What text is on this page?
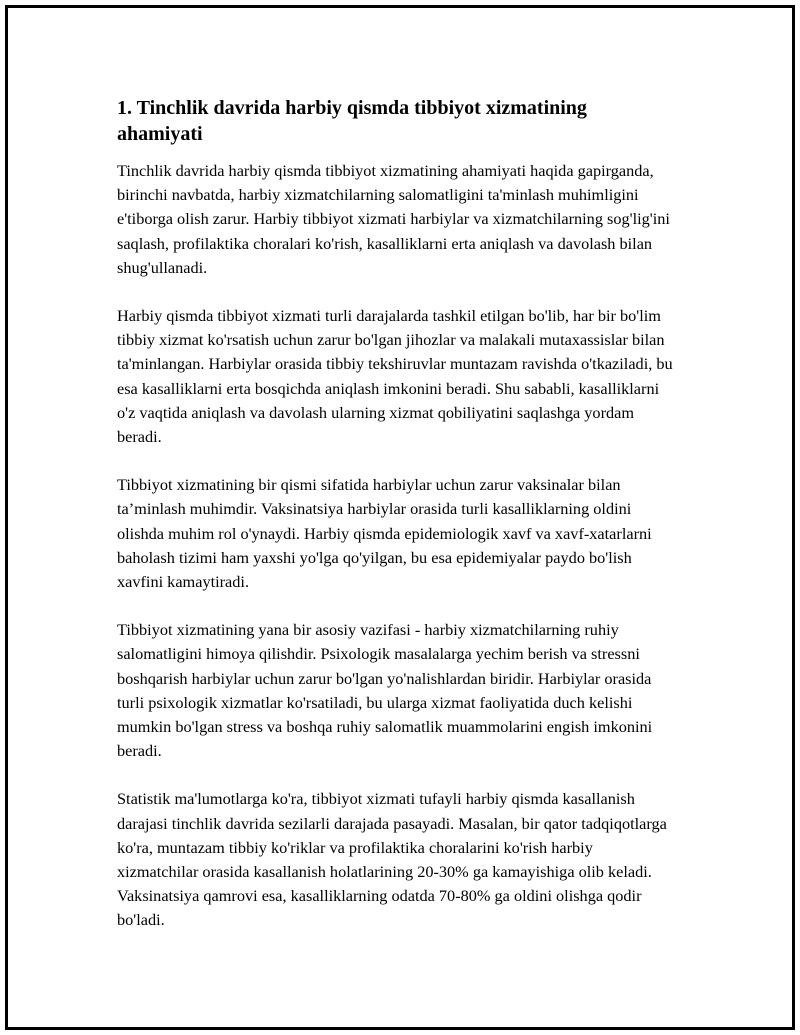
1. Tinchlik davrida harbiy qismda tibbiyot xizmatining ahamiyati

Tinchlik davrida harbiy qismda tibbiyot xizmatining ahamiyati haqida gapirganda, birinchi navbatda, harbiy xizmatchilarning salomatligini ta'minlash muhimligini e'tiborga olish zarur. Harbiy tibbiyot xizmati harbiylar va xizmatchilarning sog'lig'ini saqlash, profilaktika choralari ko'rish, kasalliklarni erta aniqlash va davolash bilan shug'ullanadi.

Harbiy qismda tibbiyot xizmati turli darajalarda tashkil etilgan bo'lib, har bir bo'lim tibbiy xizmat ko'rsatish uchun zarur bo'lgan jihozlar va malakali mutaxassislar bilan ta'minlangan. Harbiylar orasida tibbiy tekshiruvlar muntazam ravishda o'tkaziladi, bu esa kasalliklarni erta bosqichda aniqlash imkonini beradi. Shu sababli, kasalliklarni o'z vaqtida aniqlash va davolash ularning xizmat qobiliyatini saqlashga yordam beradi.

Tibbiyot xizmatining bir qismi sifatida harbiylar uchun zarur vaksinalar bilan ta’minlash muhimdir. Vaksinatsiya harbiylar orasida turli kasalliklarning oldini olishda muhim rol o'ynaydi. Harbiy qismda epidemiologik xavf va xavf-xatarlarni baholash tizimi ham yaxshi yo'lga qo'yilgan, bu esa epidemiyalar paydo bo'lish xavfini kamaytiradi.

Tibbiyot xizmatining yana bir asosiy vazifasi - harbiy xizmatchilarning ruhiy salomatligini himoya qilishdir. Psixologik masalalarga yechim berish va stressni boshqarish harbiylar uchun zarur bo'lgan yo'nalishlardan biridir. Harbiylar orasida turli psixologik xizmatlar ko'rsatiladi, bu ularga xizmat faoliyatida duch kelishi mumkin bo'lgan stress va boshqa ruhiy salomatlik muammolarini engish imkonini beradi.

Statistik ma'lumotlarga ko'ra, tibbiyot xizmati tufayli harbiy qismda kasallanish darajasi tinchlik davrida sezilarli darajada pasayadi. Masalan, bir qator tadqiqotlarga ko'ra, muntazam tibbiy ko'riklar va profilaktika choralarini ko'rish harbiy xizmatchilar orasida kasallanish holatlarining 20-30% ga kamayishiga olib keladi. Vaksinatsiya qamrovi esa, kasalliklarning odatda 70-80% ga oldini olishga qodir bo'ladi.
